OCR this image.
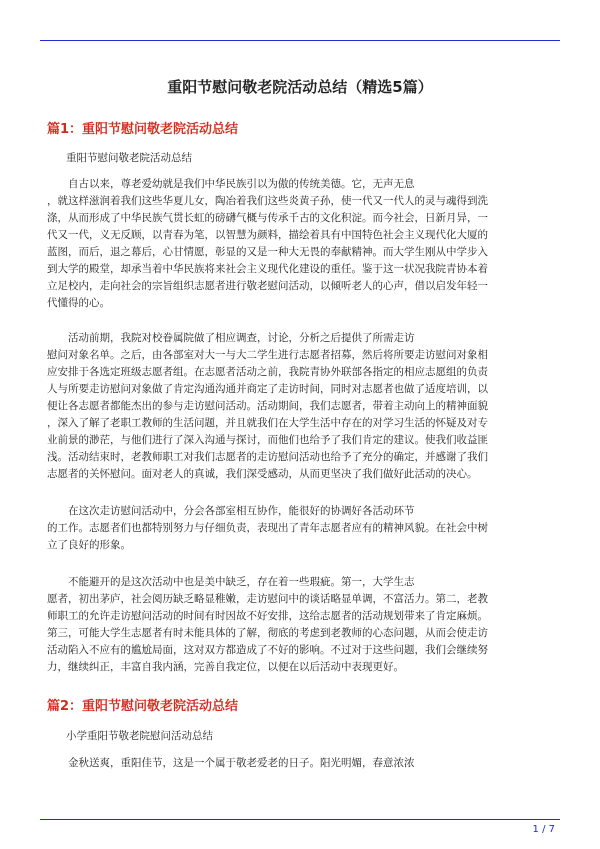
重阳节慰问敬老院活动总结（精选5篇）
篇1：重阳节慰问敬老院活动总结
重阳节慰问敬老院活动总结
　　自古以来，尊老爱幼就是我们中华民族引以为傲的传统美德。它，无声无息
，就这样滋润着我们这些华夏儿女，陶冶着我们这些炎黄子孙，使一代又一代人的灵与魂得到洗
涤，从而形成了中华民族气贯长虹的磅礴气概与传承千古的文化积淀。而今社会，日新月异，一
代又一代，义无反顾，以青春为笔，以智慧为颜料，描绘着具有中国特色社会主义现代化大厦的
蓝图，而后，退之幕后，心甘情愿，彰显的又是一种大无畏的奉献精神。而大学生刚从中学步入
到大学的殿堂，却承当着中华民族将来社会主义现代化建设的重任。鉴于这一状况我院青协本着
立足校内，走向社会的宗旨组织志愿者进行敬老慰问活动，以倾听老人的心声，借以启发年轻一
代懂得的心。
　　活动前期，我院对校眷属院做了相应调查，讨论，分析之后提供了所需走访
慰问对象名单。之后，由各部室对大一与大二学生进行志愿者招募，然后将所要走访慰问对象相
应安排于各选定班级志愿者组。在志愿者活动之前，我院青协外联部各指定的相应志愿组的负责
人与所要走访慰问对象做了肯定沟通沟通并商定了走访时间，同时对志愿者也做了适度培训，以
便让各志愿者都能杰出的参与走访慰问活动。活动期间，我们志愿者，带着主动向上的精神面貌
，深入了解了老职工教师的生活问题，并且就我们在大学生活中存在的对学习生活的怀疑及对专
业前景的渺茫，与他们进行了深入沟通与探讨，而他们也给予了我们肯定的建议。使我们收益匪
浅。活动结束时，老教师职工对我们志愿者的走访慰问活动也给予了充分的确定，并感谢了我们
志愿者的关怀慰问。面对老人的真诚，我们深受感动，从而更坚决了我们做好此活动的决心。
　　在这次走访慰问活动中，分会各部室相互协作，能很好的协调好各活动环节
的工作。志愿者们也都特别努力与仔细负责，表现出了青年志愿者应有的精神风貌。在社会中树
立了良好的形象。
　　不能避开的是这次活动中也是美中缺乏，存在着一些瑕疵。第一，大学生志
愿者，初出茅庐，社会阅历缺乏略显稚嫩，走访慰问中的谈话略显单调，不富活力。第二，老教
师职工的允许走访慰问活动的时间有时因故不好安排，这给志愿者的活动规划带来了肯定麻烦。
第三，可能大学生志愿者有时未能具体的了解，彻底的考虑到老教师的心态问题，从而会使走访
活动陷入不应有的尴尬局面，这对双方都造成了不好的影响。不过对于这些问题，我们会继续努
力，继续纠正，丰富自我内涵，完善自我定位，以便在以后活动中表现更好。
篇2：重阳节慰问敬老院活动总结
小学重阳节敬老院慰问活动总结
　　金秋送爽，重阳佳节，这是一个属于敬老爱老的日子。阳光明媚，春意浓浓
1 / 7
